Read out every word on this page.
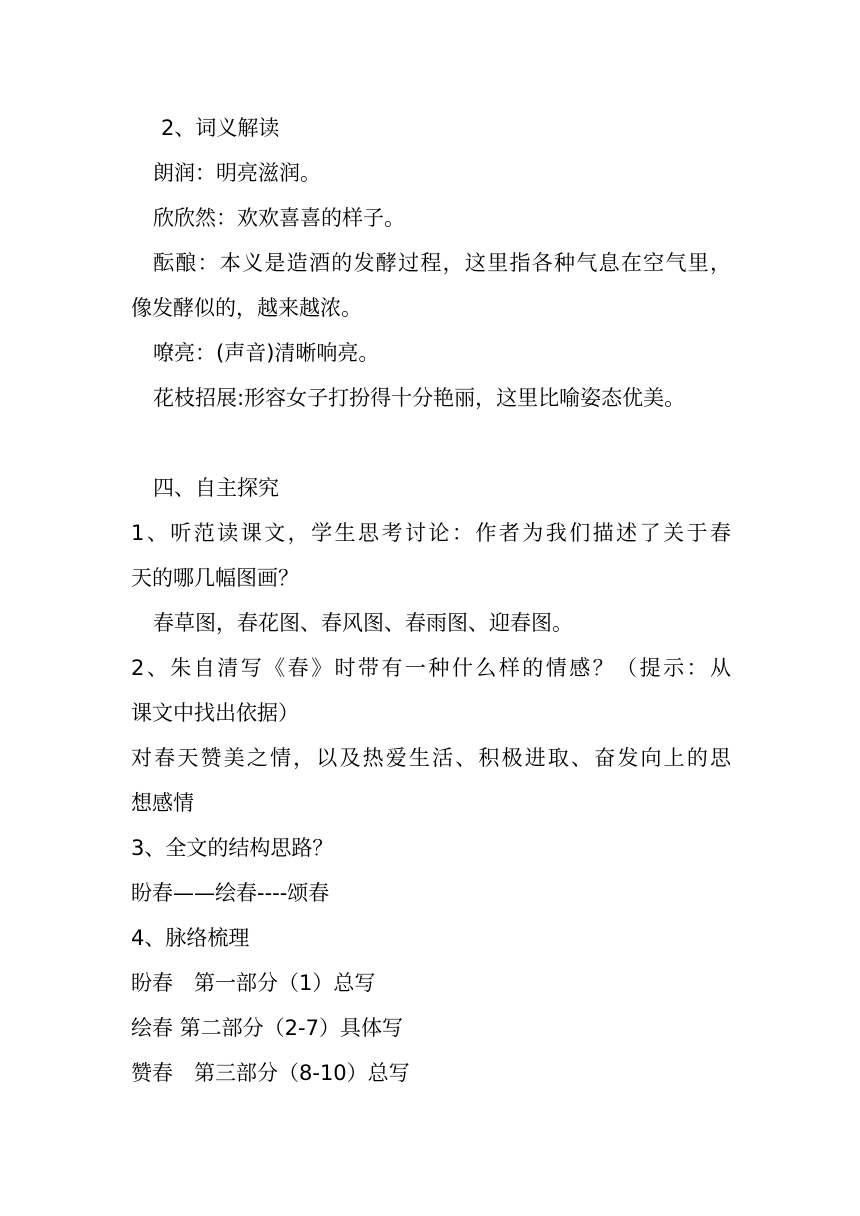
2、词义解读
朗润：明亮滋润。
欣欣然：欢欢喜喜的样子。
酝酿：本义是造酒的发酵过程，这里指各种气息在空气里，
像发酵似的，越来越浓。
嘹亮：(声音)清晰响亮。
花枝招展:形容女子打扮得十分艳丽，这里比喻姿态优美。
四、自主探究
1、听范读课文，学生思考讨论：作者为我们描述了关于春
天的哪几幅图画？
春草图，春花图、春风图、春雨图、迎春图。
2、朱自清写《春》时带有一种什么样的情感？（提示：从
课文中找出依据）
对春天赞美之情，以及热爱生活、积极进取、奋发向上的思
想感情
3、全文的结构思路？
盼春——绘春----颂春
4、脉络梳理
盼春　第一部分（1）总写
绘春 第二部分（2-7）具体写
赞春　第三部分（8-10）总写
